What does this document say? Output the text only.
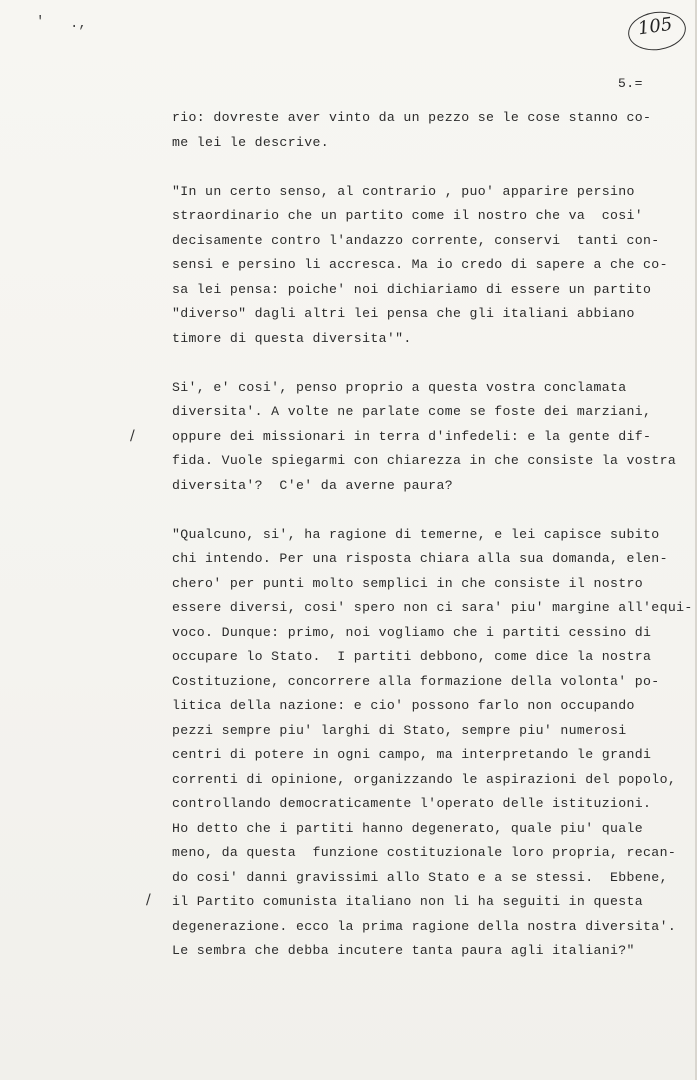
' .,	105
5.=
/
/
rio: dovreste aver vinto da un pezzo se le cose stanno co-
me lei le descrive.
"In un certo senso, al contrario , puo' apparire persino
straordinario che un partito come il nostro che va  cosi'
decisamente contro l'andazzo corrente, conservi  tanti con-
sensi e persino li accresca. Ma io credo di sapere a che co-
sa lei pensa: poiche' noi dichiariamo di essere un partito
"diverso" dagli altri lei pensa che gli italiani abbiano
timore di questa diversita'".
Si', e' cosi', penso proprio a questa vostra conclamata
diversita'. A volte ne parlate come se foste dei marziani,
oppure dei missionari in terra d'infedeli: e la gente dif-
fida. Vuole spiegarmi con chiarezza in che consiste la vostra
diversita'?  C'e' da averne paura?
"Qualcuno, si', ha ragione di temerne, e lei capisce subito
chi intendo. Per una risposta chiara alla sua domanda, elen-
chero' per punti molto semplici in che consiste il nostro
essere diversi, cosi' spero non ci sara' piu' margine all'equi-
voco. Dunque: primo, noi vogliamo che i partiti cessino di
occupare lo Stato.  I partiti debbono, come dice la nostra
Costituzione, concorrere alla formazione della volonta' po-
litica della nazione: e cio' possono farlo non occupando
pezzi sempre piu' larghi di Stato, sempre piu' numerosi
centri di potere in ogni campo, ma interpretando le grandi
correnti di opinione, organizzando le aspirazioni del popolo,
controllando democraticamente l'operato delle istituzioni.
Ho detto che i partiti hanno degenerato, quale piu' quale
meno, da questa  funzione costituzionale loro propria, recan-
do cosi' danni gravissimi allo Stato e a se stessi.  Ebbene,
il Partito comunista italiano non li ha seguiti in questa
degenerazione. ecco la prima ragione della nostra diversita'.
Le sembra che debba incutere tanta paura agli italiani?"
